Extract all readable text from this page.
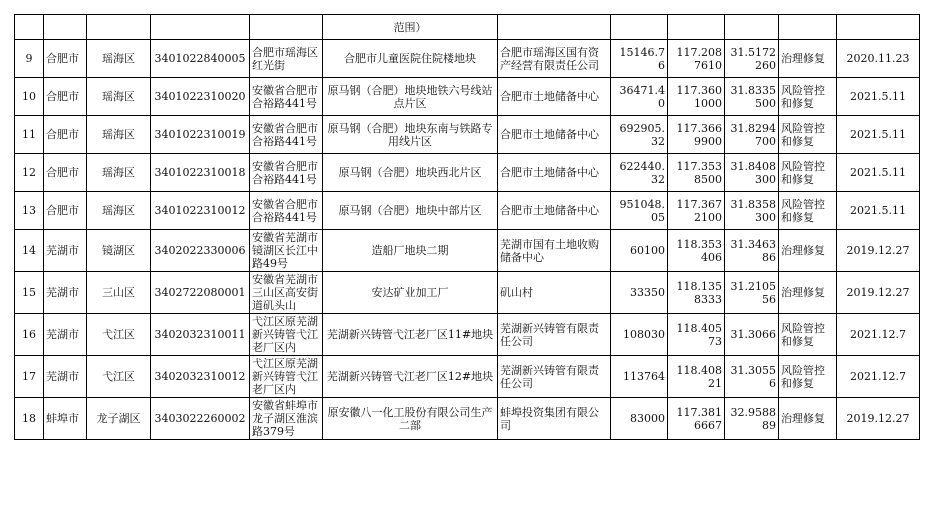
					范围）						
9	合肥市	瑶海区	3401022840005	合肥市瑶海区红光街	合肥市儿童医院住院楼地块	合肥市瑶海区国有资产经营有限责任公司	15146.76	117.2087610	31.5172260	治理修复	2020.11.23
10	合肥市	瑶海区	3401022310020	安徽省合肥市合裕路441号	原马钢（合肥）地块地铁六号线站点片区	合肥市土地储备中心	36471.40	117.3601000	31.8335500	风险管控和修复	2021.5.11
11	合肥市	瑶海区	3401022310019	安徽省合肥市合裕路441号	原马钢（合肥）地块东南与铁路专用线片区	合肥市土地储备中心	692905.32	117.3669900	31.8294700	风险管控和修复	2021.5.11
12	合肥市	瑶海区	3401022310018	安徽省合肥市合裕路441号	原马钢（合肥）地块西北片区	合肥市土地储备中心	622440.32	117.3538500	31.8408300	风险管控和修复	2021.5.11
13	合肥市	瑶海区	3401022310012	安徽省合肥市合裕路441号	原马钢（合肥）地块中部片区	合肥市土地储备中心	951048.05	117.3672100	31.8358300	风险管控和修复	2021.5.11
14	芜湖市	镜湖区	3402022330006	安徽省芜湖市镜湖区长江中路49号	造船厂地块二期	芜湖市国有土地收购储备中心	60100	118.353406	31.346386	治理修复	2019.12.27
15	芜湖市	三山区	3402722080001	安徽省芜湖市三山区高安街道矶头山	安达矿业加工厂	矶山村	33350	118.1358333	31.210556	治理修复	2019.12.27
16	芜湖市	弋江区	3402032310011	弋江区原芜湖新兴铸管弋江老厂区内	芜湖新兴铸管弋江老厂区11#地块	芜湖新兴铸管有限责任公司	108030	118.40573	31.3066	风险管控和修复	2021.12.7
17	芜湖市	弋江区	3402032310012	弋江区原芜湖新兴铸管弋江老厂区内	芜湖新兴铸管弋江老厂区12#地块	芜湖新兴铸管有限责任公司	113764	118.40821	31.30556	风险管控和修复	2021.12.7
18	蚌埠市	龙子湖区	3403022260002	安徽省蚌埠市龙子湖区淮滨路379号	原安徽八一化工股份有限公司生产二部	蚌埠投资集团有限公司	83000	117.3816667	32.958889	治理修复	2019.12.27
